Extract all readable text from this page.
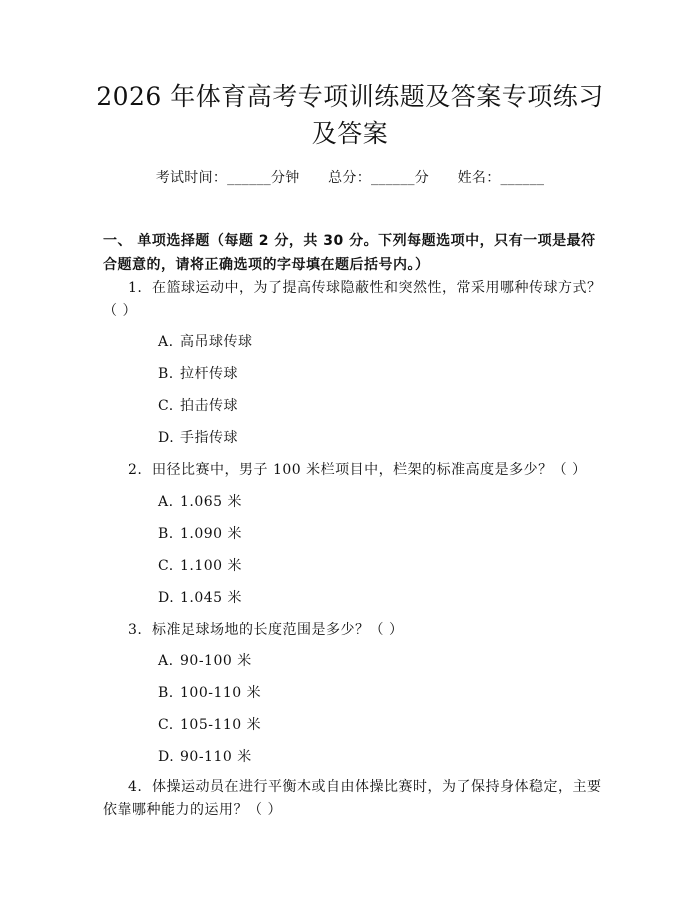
2026 年体育高考专项训练题及答案专项练习
及答案
考试时间：______分钟      总分：______分      姓名：______
一、 单项选择题（每题 2 分，共 30 分。下列每题选项中，只有一项是最符合题意的，请将正确选项的字母填在题后括号内。）
1. 在篮球运动中，为了提高传球隐蔽性和突然性，常采用哪种传球方式？（ ）
A. 高吊球传球
B. 拉杆传球
C. 拍击传球
D. 手指传球
2. 田径比赛中，男子 100 米栏项目中，栏架的标准高度是多少？（ ）
A. 1.065 米
B. 1.090 米
C. 1.100 米
D. 1.045 米
3. 标准足球场地的长度范围是多少？（ ）
A. 90-100 米
B. 100-110 米
C. 105-110 米
D. 90-110 米
4. 体操运动员在进行平衡木或自由体操比赛时，为了保持身体稳定，主要依靠哪种能力的运用？（ ）
